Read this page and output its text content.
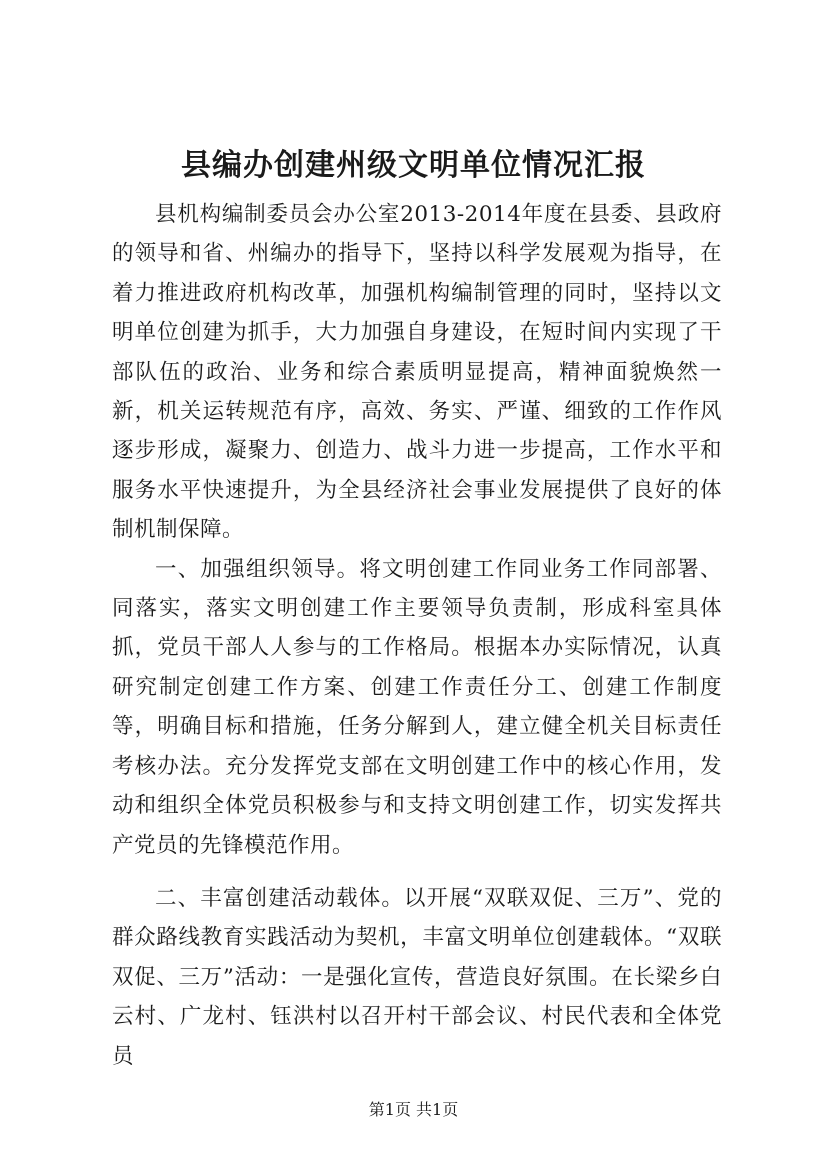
县编办创建州级文明单位情况汇报

县机构编制委员会办公室2013-2014年度在县委、县政府的领导和省、州编办的指导下，坚持以科学发展观为指导，在着力推进政府机构改革，加强机构编制管理的同时，坚持以文明单位创建为抓手，大力加强自身建设，在短时间内实现了干部队伍的政治、业务和综合素质明显提高，精神面貌焕然一新，机关运转规范有序，高效、务实、严谨、细致的工作作风逐步形成，凝聚力、创造力、战斗力进一步提高，工作水平和服务水平快速提升，为全县经济社会事业发展提供了良好的体制机制保障。

一、加强组织领导。将文明创建工作同业务工作同部署、同落实，落实文明创建工作主要领导负责制，形成科室具体抓，党员干部人人参与的工作格局。根据本办实际情况，认真研究制定创建工作方案、创建工作责任分工、创建工作制度等，明确目标和措施，任务分解到人，建立健全机关目标责任考核办法。充分发挥党支部在文明创建工作中的核心作用，发动和组织全体党员积极参与和支持文明创建工作，切实发挥共产党员的先锋模范作用。

二、丰富创建活动载体。以开展“双联双促、三万”、党的群众路线教育实践活动为契机，丰富文明单位创建载体。“双联双促、三万”活动：一是强化宣传，营造良好氛围。在长梁乡白云村、广龙村、钰洪村以召开村干部会议、村民代表和全体党员

第1页 共1页
